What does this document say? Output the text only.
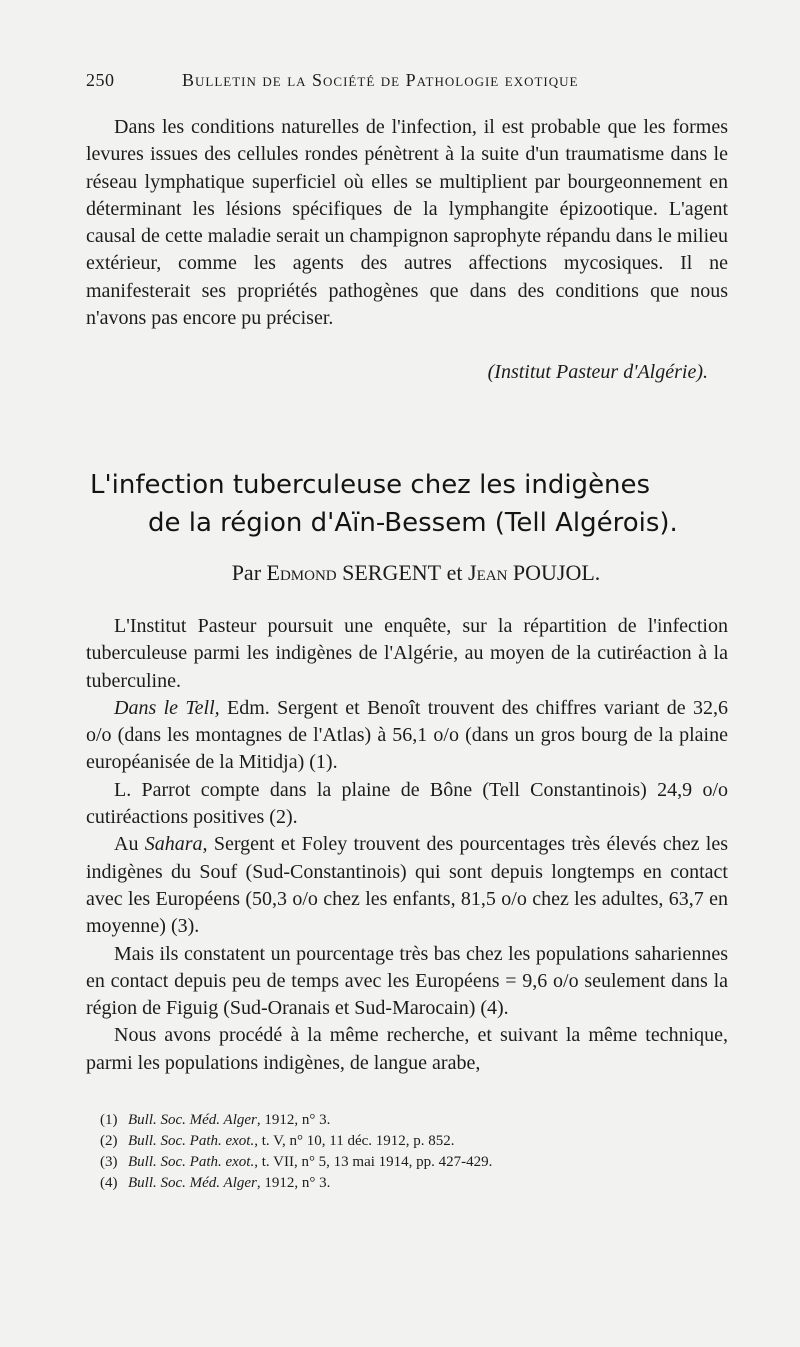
250	Bulletin de la Société de Pathologie exotique

Dans les conditions naturelles de l'infection, il est probable que les formes levures issues des cellules rondes pénètrent à la suite d'un traumatisme dans le réseau lymphatique superficiel où elles se multiplient par bourgeonnement en déterminant les lésions spécifiques de la lymphangite épizootique. L'agent causal de cette maladie serait un champignon saprophyte répandu dans le milieu extérieur, comme les agents des autres affections mycosiques. Il ne manifesterait ses propriétés pathogènes que dans des conditions que nous n'avons pas encore pu préciser.

(Institut Pasteur d'Algérie).
L'infection tuberculeuse chez les indigènes
de la région d'Aïn-Bessem (Tell Algérois).
Par Edmond SERGENT et Jean POUJOL.

L'Institut Pasteur poursuit une enquête, sur la répartition de l'infection tuberculeuse parmi les indigènes de l'Algérie, au moyen de la cutiréaction à la tuberculine.

Dans le Tell, Edm. Sergent et Benoît trouvent des chiffres variant de 32,6 o/o (dans les montagnes de l'Atlas) à 56,1 o/o (dans un gros bourg de la plaine européanisée de la Mitidja) (1).

L. Parrot compte dans la plaine de Bône (Tell Constantinois) 24,9 o/o cutiréactions positives (2).

Au Sahara, Sergent et Foley trouvent des pourcentages très élevés chez les indigènes du Souf (Sud-Constantinois) qui sont depuis longtemps en contact avec les Européens (50,3 o/o chez les enfants, 81,5 o/o chez les adultes, 63,7 en moyenne) (3).

Mais ils constatent un pourcentage très bas chez les populations sahariennes en contact depuis peu de temps avec les Européens = 9,6 o/o seulement dans la région de Figuig (Sud-Oranais et Sud-Marocain) (4).

Nous avons procédé à la même recherche, et suivant la même technique, parmi les populations indigènes, de langue arabe,

(1) Bull. Soc. Méd. Alger, 1912, n° 3.
(2) Bull. Soc. Path. exot., t. V, n° 10, 11 déc. 1912, p. 852.
(3) Bull. Soc. Path. exot., t. VII, n° 5, 13 mai 1914, pp. 427-429.
(4) Bull. Soc. Méd. Alger, 1912, n° 3.
